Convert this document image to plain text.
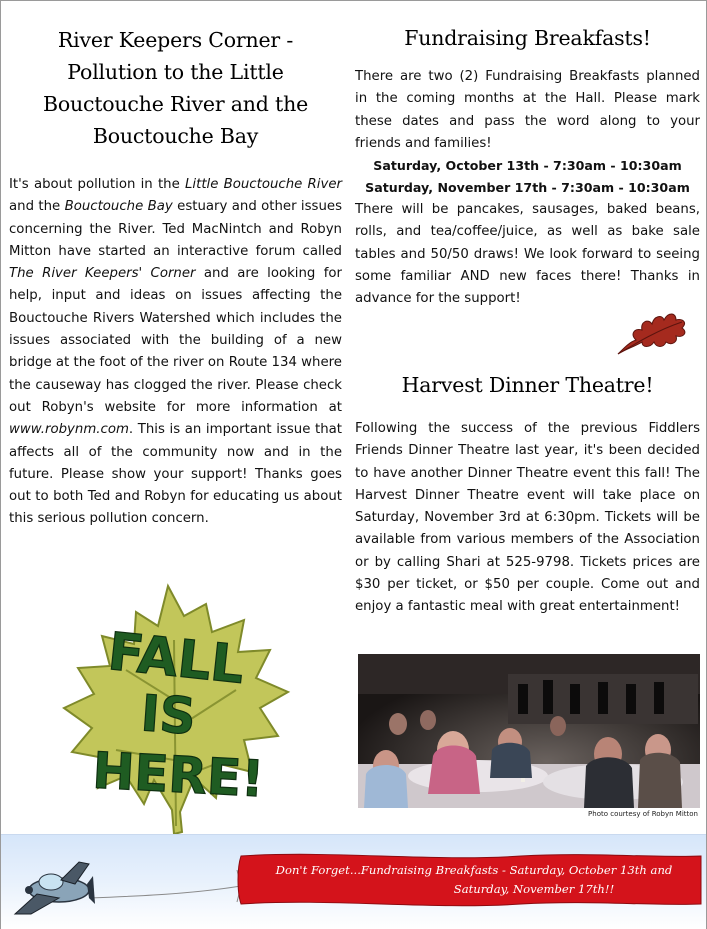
River Keepers Corner -
Pollution to the Little
Bouctouche River and the
Bouctouche Bay

It's about pollution in the Little Bouctouche River and the Bouctouche Bay estuary and other issues concerning the River. Ted MacNintch and Robyn Mitton have started an interactive forum called The River Keepers' Corner and are looking for help, input and ideas on issues affecting the Bouctouche Rivers Watershed which includes the issues associated with the building of a new bridge at the foot of the river on Route 134 where the causeway has clogged the river. Please check out Robyn's website for more information at www.robynm.com. This is an important issue that affects all of the community now and in the future. Please show your support! Thanks goes out to both Ted and Robyn for educating us about this serious pollution concern.

FALL
IS
HERE!
Fundraising Breakfasts!

There are two (2) Fundraising Breakfasts planned in the coming months at the Hall. Please mark these dates and pass the word along to your friends and families!

Saturday, October 13th - 7:30am - 10:30am
Saturday, November 17th - 7:30am - 10:30am

There will be pancakes, sausages, baked beans, rolls, and tea/coffee/juice, as well as bake sale tables and 50/50 draws! We look forward to seeing some familiar AND new faces there! Thanks in advance for the support!

Harvest Dinner Theatre!

Following the success of the previous Fiddlers Friends Dinner Theatre last year, it's been decided to have another Dinner Theatre event this fall! The Harvest Dinner Theatre event will take place on Saturday, November 3rd at 6:30pm. Tickets will be available from various members of the Association or by calling Shari at 525-9798. Tickets prices are $30 per ticket, or $50 per couple. Come out and enjoy a fantastic meal with great entertainment!

Photo courtesy of Robyn Mitton
Don't Forget...Fundraising Breakfasts - Saturday, October 13th and
Saturday, November 17th!!
